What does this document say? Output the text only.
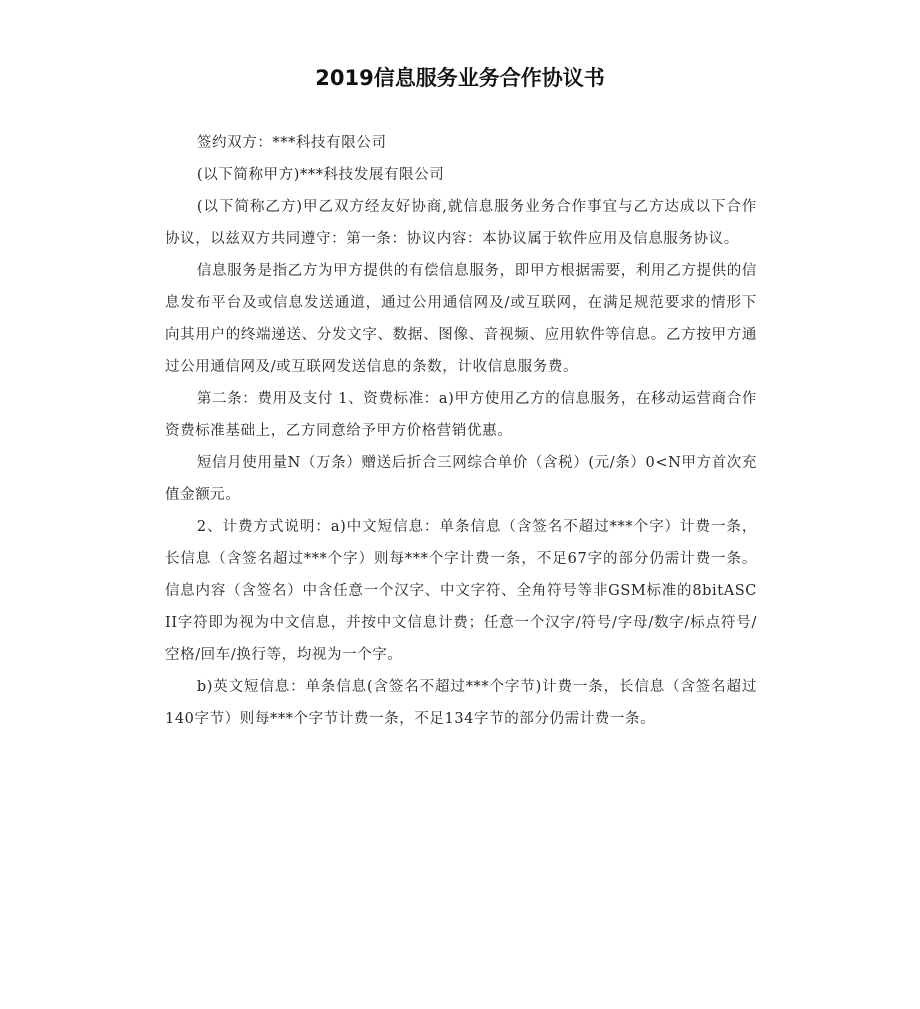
2019信息服务业务合作协议书

签约双方：***科技有限公司

(以下简称甲方)***科技发展有限公司

(以下简称乙方)甲乙双方经友好协商,就信息服务业务合作事宜与乙方达成以下合作协议，以兹双方共同遵守：第一条：协议内容：本协议属于软件应用及信息服务协议。

信息服务是指乙方为甲方提供的有偿信息服务，即甲方根据需要，利用乙方提供的信息发布平台及或信息发送通道，通过公用通信网及/或互联网，在满足规范要求的情形下向其用户的终端递送、分发文字、数据、图像、音视频、应用软件等信息。乙方按甲方通过公用通信网及/或互联网发送信息的条数，计收信息服务费。

第二条：费用及支付 1、资费标准：a)甲方使用乙方的信息服务，在移动运营商合作资费标准基础上，乙方同意给予甲方价格营销优惠。

短信月使用量N（万条）赠送后折合三网综合单价（含税）(元/条）0<N甲方首次充值金额元。

2、计费方式说明：a)中文短信息：单条信息（含签名不超过***个字）计费一条，长信息（含签名超过***个字）则每***个字计费一条，不足67字的部分仍需计费一条。信息内容（含签名）中含任意一个汉字、中文字符、全角符号等非GSM标准的8bitASCII字符即为视为中文信息，并按中文信息计费；任意一个汉字/符号/字母/数字/标点符号/空格/回车/换行等，均视为一个字。

b)英文短信息：单条信息(含签名不超过***个字节)计费一条，长信息（含签名超过140字节）则每***个字节计费一条，不足134字节的部分仍需计费一条。
